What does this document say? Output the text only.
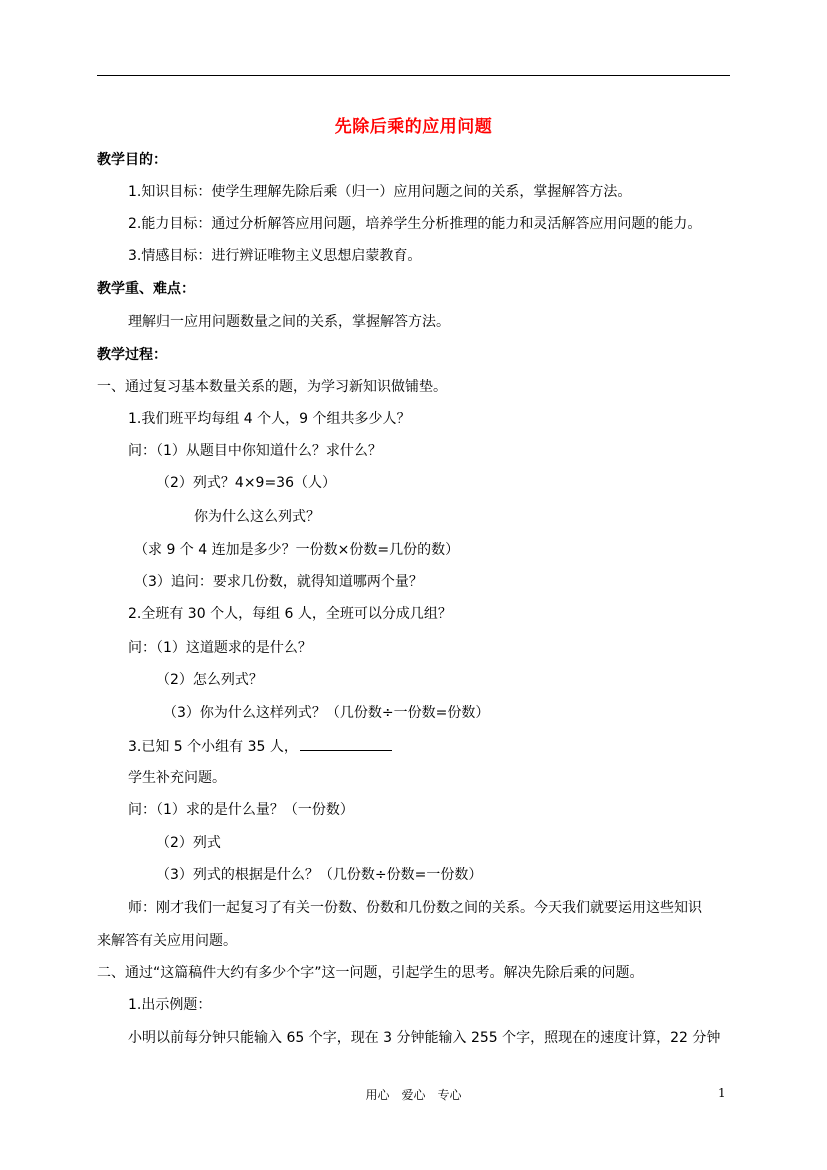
先除后乘的应用问题
教学目的：
1.知识目标：使学生理解先除后乘（归一）应用问题之间的关系，掌握解答方法。
2.能力目标：通过分析解答应用问题，培养学生分析推理的能力和灵活解答应用问题的能力。
3.情感目标：进行辨证唯物主义思想启蒙教育。
教学重、难点：
理解归一应用问题数量之间的关系，掌握解答方法。
教学过程：
一、通过复习基本数量关系的题，为学习新知识做铺垫。
1.我们班平均每组 4 个人，9 个组共多少人？
问：（1）从题目中你知道什么？求什么？
（2）列式？4×9=36（人）
你为什么这么列式？
（求 9 个 4 连加是多少？一份数×份数=几份的数）
（3）追问：要求几份数，就得知道哪两个量？
2.全班有 30 个人，每组 6 人，全班可以分成几组？
问：（1）这道题求的是什么？
（2）怎么列式？
（3）你为什么这样列式？（几份数÷一份数=份数）
3.已知 5 个小组有 35 人，
学生补充问题。
问：（1）求的是什么量？（一份数）
（2）列式
（3）列式的根据是什么？（几份数÷份数=一份数）
师：刚才我们一起复习了有关一份数、份数和几份数之间的关系。今天我们就要运用这些知识
来解答有关应用问题。
二、通过“这篇稿件大约有多少个字”这一问题，引起学生的思考。解决先除后乘的问题。
1.出示例题：
小明以前每分钟只能输入 65 个字，现在 3 分钟能输入 255 个字，照现在的速度计算，22 分钟
用心　爱心　专心	1
